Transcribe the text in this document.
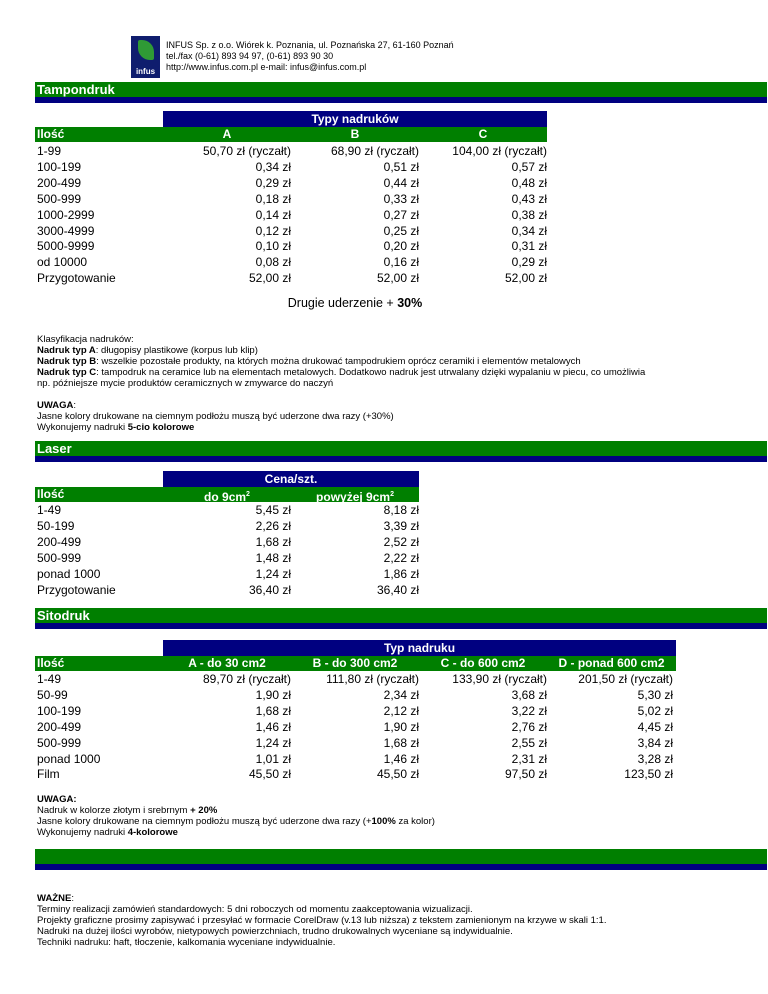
infus
INFUS Sp. z o.o. Wiórek k. Poznania, ul. Poznańska 27, 61-160 Poznań
tel./fax (0-61) 893 94 97, (0-61) 893 90 30
http://www.infus.com.pl e-mail: infus@infus.com.pl
Tampondruk
Typy nadruków
Ilość	A	B	C
1-99	50,70 zł (ryczałt)	68,90 zł (ryczałt)	104,00 zł (ryczałt)
100-199	0,34 zł	0,51 zł	0,57 zł
200-499	0,29 zł	0,44 zł	0,48 zł
500-999	0,18 zł	0,33 zł	0,43 zł
1000-2999	0,14 zł	0,27 zł	0,38 zł
3000-4999	0,12 zł	0,25 zł	0,34 zł
5000-9999	0,10 zł	0,20 zł	0,31 zł
od 10000	0,08 zł	0,16 zł	0,29 zł
Przygotowanie	52,00 zł	52,00 zł	52,00 zł
Drugie uderzenie + 30%
Klasyfikacja nadruków:
Nadruk typ A: długopisy plastikowe (korpus lub klip)
Nadruk typ B: wszelkie pozostałe produkty, na których można drukować tampodrukiem oprócz ceramiki i elementów metalowych
Nadruk typ C: tampodruk na ceramice lub na elementach metalowych. Dodatkowo nadruk jest utrwalany dzięki wypalaniu w piecu, co umożliwia
np. późniejsze mycie produktów ceramicznych w zmywarce do naczyń
UWAGA:
Jasne kolory drukowane na ciemnym podłożu muszą być uderzone dwa razy (+30%)
Wykonujemy nadruki 5-cio kolorowe
Laser
Cena/szt.
Ilość	do $9cm^2$	powyżej $9cm^2$
1-49	5,45 zł	8,18 zł
50-199	2,26 zł	3,39 zł
200-499	1,68 zł	2,52 zł
500-999	1,48 zł	2,22 zł
ponad 1000	1,24 zł	1,86 zł
Przygotowanie	36,40 zł	36,40 zł
Sitodruk
Typ nadruku
Ilość	A - do 30 cm2	B - do 300 cm2	C - do 600 cm2	D - ponad 600 cm2
1-49	89,70 zł (ryczałt)	111,80 zł (ryczałt)	133,90 zł (ryczałt)	201,50 zł (ryczałt)
50-99	1,90 zł	2,34 zł	3,68 zł	5,30 zł
100-199	1,68 zł	2,12 zł	3,22 zł	5,02 zł
200-499	1,46 zł	1,90 zł	2,76 zł	4,45 zł
500-999	1,24 zł	1,68 zł	2,55 zł	3,84 zł
ponad 1000	1,01 zł	1,46 zł	2,31 zł	3,28 zł
Film	45,50 zł	45,50 zł	97,50 zł	123,50 zł
UWAGA:
Nadruk w kolorze złotym i srebrnym + 20%
Jasne kolory drukowane na ciemnym podłożu muszą być uderzone dwa razy (+100% za kolor)
Wykonujemy nadruki 4-kolorowe
WAŻNE:
Terminy realizacji zamówień standardowych: 5 dni roboczych od momentu zaakceptowania wizualizacji.
Projekty graficzne prosimy zapisywać i przesyłać w formacie CorelDraw (v.13 lub niższa) z tekstem zamienionym na krzywe w skali 1:1.
Nadruki na dużej ilości wyrobów, nietypowych powierzchniach, trudno drukowalnych wyceniane są indywidualnie.
Techniki nadruku: haft, tłoczenie, kalkomania wyceniane indywidualnie.
